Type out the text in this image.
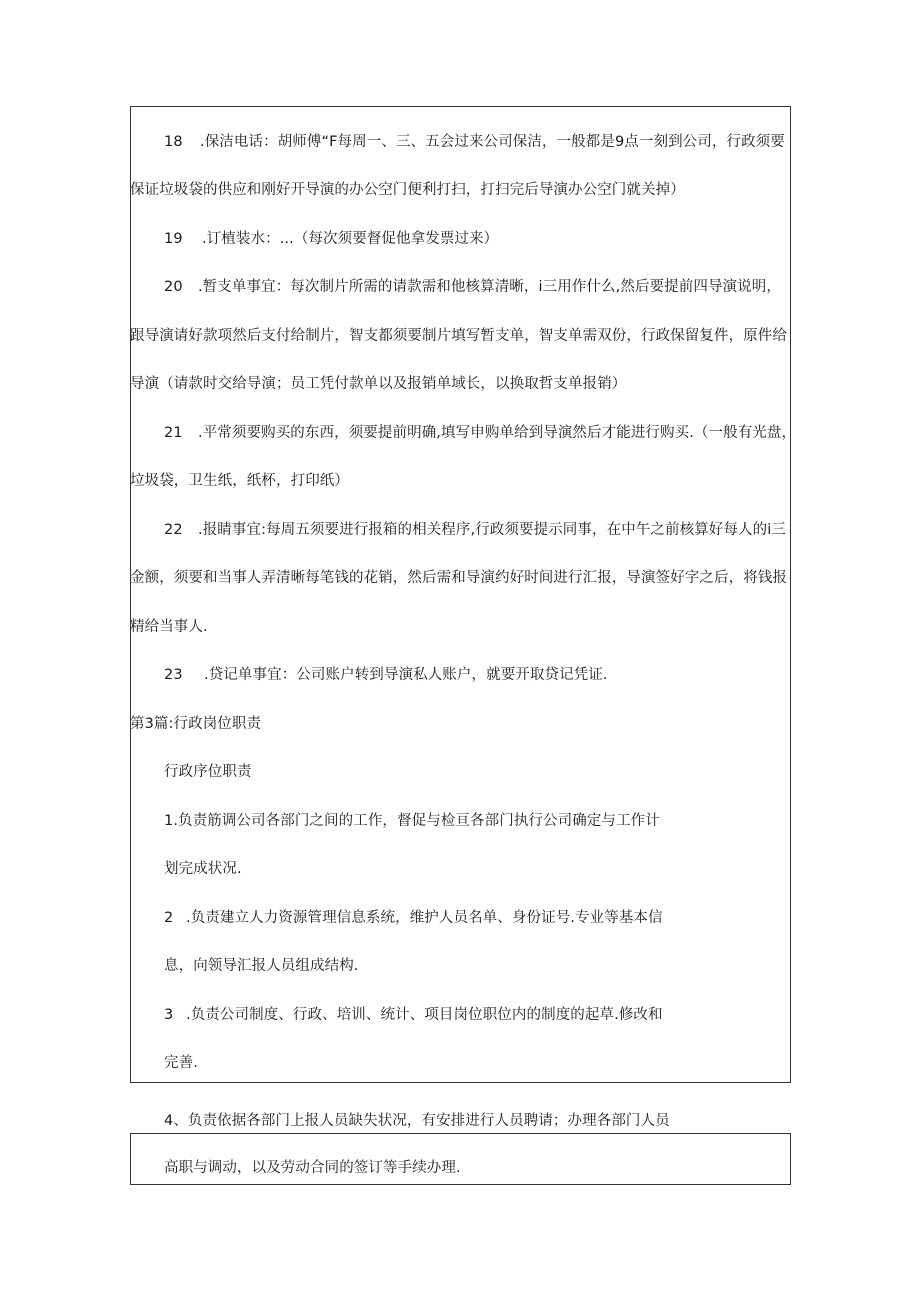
18 .保洁电话：胡师傅“F每周一、三、五会过来公司保洁，一般都是9点一刻到公司，行政须要
保证垃圾袋的供应和刚好开导演的办公空门便利打扫，打扫完后导演办公空门就关掉）
19 .订植装水：...（每次须要督促他拿发票过来）
20 .暂支单事宜：每次制片所需的请款需和他核算清晰，i三用作什么,然后要提前四导演说明，
跟导演请好款项然后支付给制片，智支都须要制片填写暂支单，智支单需双份，行政保留复件，原件给
导演（请款时交给导演；员工凭付款单以及报销单域长，以换取哲支单报销）
21 .平常须要购买的东西，须要提前明确,填写申购单给到导演然后才能进行购买.（一般有光盘，
垃圾袋，卫生纸，纸杯，打印纸）
22 .报睛事宜:每周五须要进行报箱的相关程序,行政须要提示同事，在中午之前核算好每人的i三
金额，须要和当事人弄清晰每笔钱的花销，然后需和导演约好时间进行汇报，导演签好字之后，将钱报
精给当事人.
23 .贷记单事宜：公司账户转到导演私人账户，就要开取贷记凭证.
第3篇:行政岗位职责
行政序位职责
1.负责筋调公司各部门之间的工作，督促与检亘各部门执行公司确定与工作计
划完成状况.
2 .负责建立人力资源管理信息系统，维护人员名单、身份证号.专业等基本信
息，向领导汇报人员组成结构.
3 .负责公司制度、行政、培训、统计、项目岗位职位内的制度的起草.修改和
完善.
4、负责依据各部门上报人员缺失状况，有安排进行人员聘请；办理各部门人员
高职与调动，以及劳动合同的签订等手续办理.
